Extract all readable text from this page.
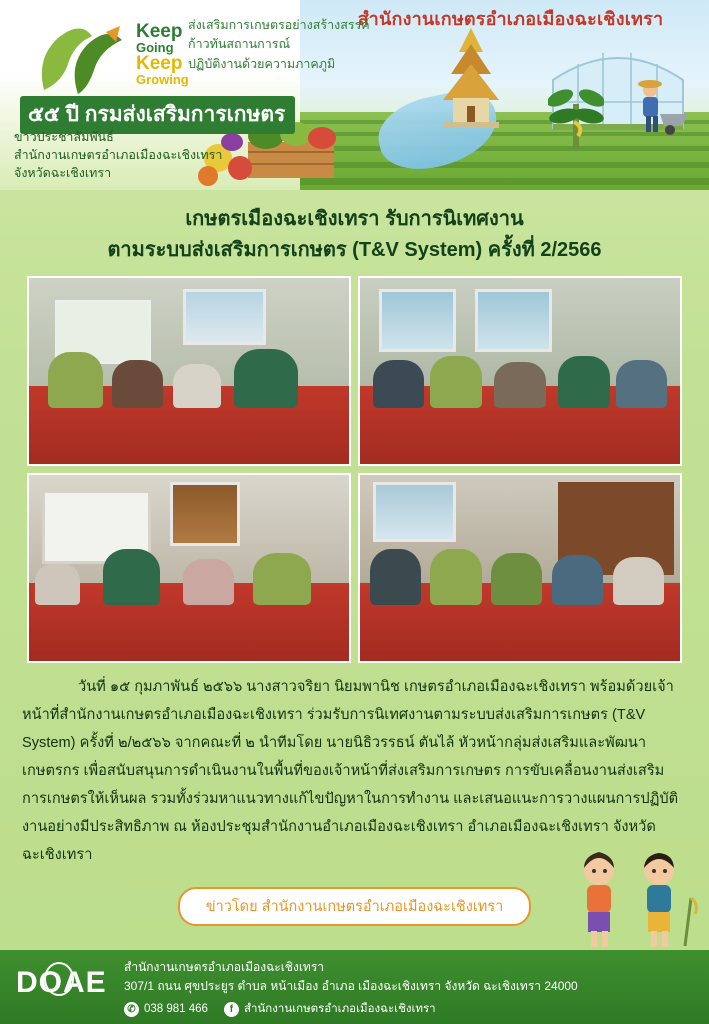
Keep
Going
Keep
Growing
๕๕ ปี กรมส่งเสริมการเกษตร
สำนักงานเกษตรอำเภอเมืองฉะเชิงเทรา
ส่งเสริมการเกษตรอย่างสร้างสรรค์
ก้าวทันสถานการณ์
ปฏิบัติงานด้วยความภาคภูมิ
ข่าวประชาสัมพันธ์
สำนักงานเกษตรอำเภอเมืองฉะเชิงเทรา
จังหวัดฉะเชิงเทรา
เกษตรเมืองฉะเชิงเทรา รับการนิเทศงาน
ตามระบบส่งเสริมการเกษตร (T&V System) ครั้งที่ 2/2566
วันที่ ๑๕ กุมภาพันธ์ ๒๕๖๖ นางสาวจริยา นิยมพานิช เกษตรอำเภอเมืองฉะเชิงเทรา พร้อมด้วยเจ้าหน้าที่สำนักงานเกษตรอำเภอเมืองฉะเชิงเทรา ร่วมรับการนิเทศงานตามระบบส่งเสริมการเกษตร (T&V System) ครั้งที่ ๒/๒๕๖๖ จากคณะที่ ๒ นำทีมโดย นายนิธิวรรธน์ ตันไล้ หัวหน้ากลุ่มส่งเสริมและพัฒนาเกษตรกร เพื่อสนับสนุนการดำเนินงานในพื้นที่ของเจ้าหน้าที่ส่งเสริมการเกษตร การขับเคลื่อนงานส่งเสริมการเกษตรให้เห็นผล รวมทั้งร่วมหาแนวทางแก้ไขปัญหาในการทำงาน และเสนอแนะการวางแผนการปฏิบัติงานอย่างมีประสิทธิภาพ ณ ห้องประชุมสำนักงานอำเภอเมืองฉะเชิงเทรา อำเภอเมืองฉะเชิงเทรา จังหวัดฉะเชิงเทรา
ข่าวโดย สำนักงานเกษตรอำเภอเมืองฉะเชิงเทรา
DOAE สำนักงานเกษตรอำเภอเมืองฉะเชิงเทรา
307/1 ถนน ศุขประยูร ตำบล หน้าเมือง อำเภอ เมืองฉะเชิงเทรา จังหวัด ฉะเชิงเทรา 24000
✆ 038 981 466	f สำนักงานเกษตรอำเภอเมืองฉะเชิงเทรา
